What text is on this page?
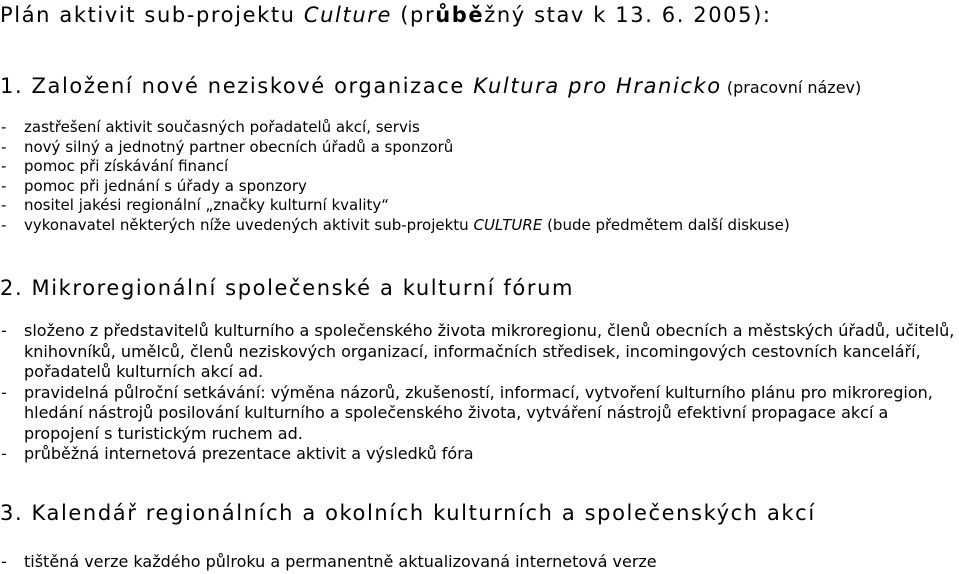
Plán aktivit sub-projektu Culture (průběžný stav k 13. 6. 2005):
1. Založení nové neziskové organizace Kultura pro Hranicko (pracovní název)
- zastřešení aktivit současných pořadatelů akcí, servis
- nový silný a jednotný partner obecních úřadů a sponzorů
- pomoc při získávání financí
- pomoc při jednání s úřady a sponzory
- nositel jakési regionální „značky kulturní kvality“
- vykonavatel některých níže uvedených aktivit sub-projektu CULTURE (bude předmětem další diskuse)
2. Mikroregionální společenské a kulturní fórum
- složeno z představitelů kulturního a společenského života mikroregionu, členů obecních a městských úřadů, učitelů, knihovníků, umělců, členů neziskových organizací, informačních středisek, incomingových cestovních kanceláří, pořadatelů kulturních akcí ad.
- pravidelná půlroční setkávání: výměna názorů, zkušeností, informací, vytvoření kulturního plánu pro mikroregion, hledání nástrojů posilování kulturního a společenského života, vytváření nástrojů efektivní propagace akcí a propojení s turistickým ruchem ad.
- průběžná internetová prezentace aktivit a výsledků fóra
3. Kalendář regionálních a okolních kulturních a společenských akcí
- tištěná verze každého půlroku a permanentně aktualizovaná internetová verze
